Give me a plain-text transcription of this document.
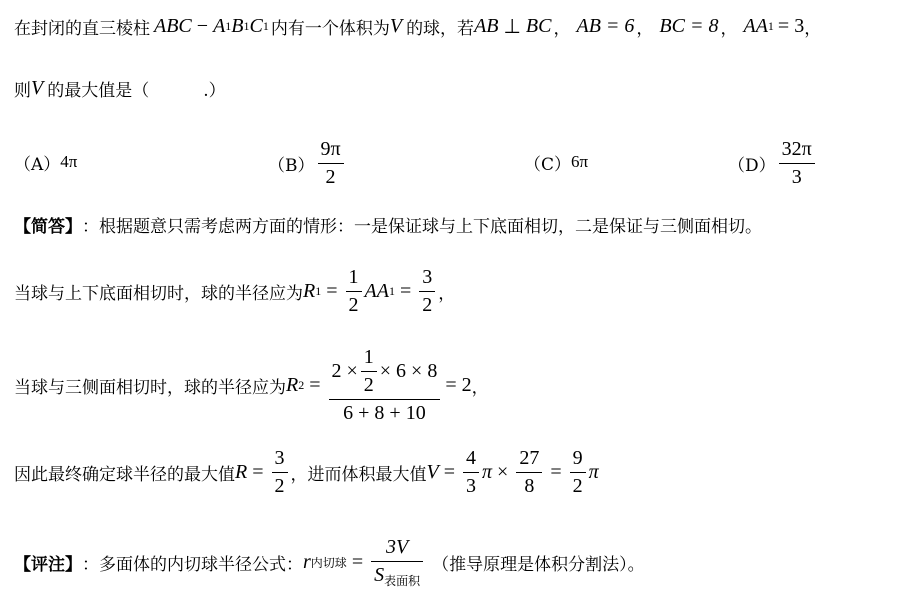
在封闭的直三棱柱 ABC − A 1 B 1 C 1 内有一个体积为 V 的球，若 AB ⊥ BC ， AB = 6 ， BC = 8 ， AA 1 = 3 ，
则 V 的最大值是（          .）
（A） 4π	$(B) \frac{9\pi}{2}$	（C） 6π	$(D) \frac{32\pi}{3}$
【简答】 ： 根据题意只需考虑两方面的情形：一是保证球与上下底面相切，二是保证与三侧面相切。
当球与上下底面相切时，球的半径应为 R $1 = \frac{1}{2}$ AA $1 = \frac{3}{2}$ ，
当球与三侧面相切时，球的半径应为 R $2 = \frac{2 \times \frac{1}{2} \times 6 \times 8}{6 + 8 + 10} = 2$ ，
因此最终确定球半径的最大值 $R = \frac{3}{2}$ ，进而体积最大值 $V = \frac{4}{3}$ $\pi \times \frac{27}{8} = \frac{9}{2}$ π
【评注】 ： 多面体的内切球半径公式： r 内切球 = $\frac{3V}{S_{表面积}}$ （推导原理是体积分割法）。
